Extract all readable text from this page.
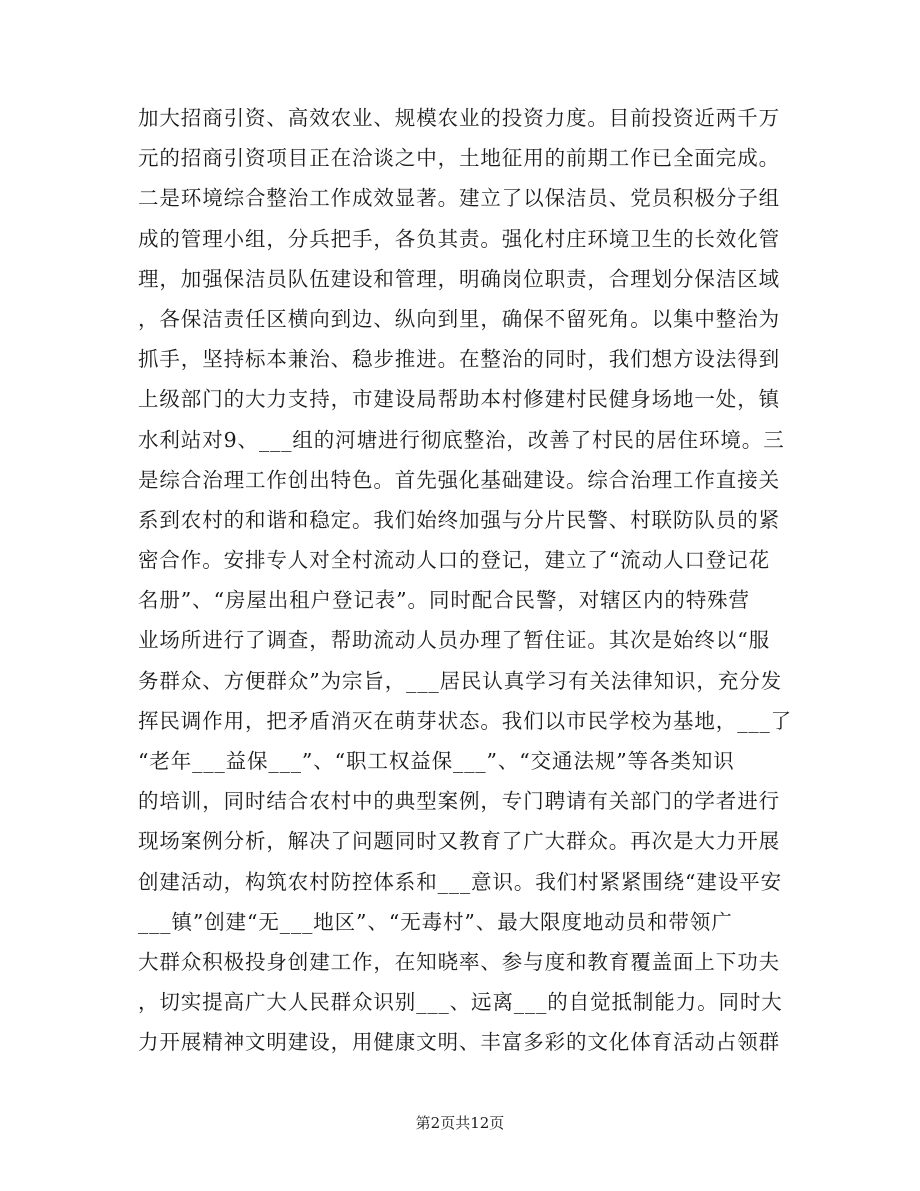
加大招商引资、高效农业、规模农业的投资力度。目前投资近两千万
元的招商引资项目正在洽谈之中，土地征用的前期工作已全面完成。
二是环境综合整治工作成效显著。建立了以保洁员、党员积极分子组
成的管理小组，分兵把手，各负其责。强化村庄环境卫生的长效化管
理，加强保洁员队伍建设和管理，明确岗位职责，合理划分保洁区域
，各保洁责任区横向到边、纵向到里，确保不留死角。以集中整治为
抓手，坚持标本兼治、稳步推进。在整治的同时，我们想方设法得到
上级部门的大力支持，市建设局帮助本村修建村民健身场地一处，镇
水利站对9、___组的河塘进行彻底整治，改善了村民的居住环境。三
是综合治理工作创出特色。首先强化基础建设。综合治理工作直接关
系到农村的和谐和稳定。我们始终加强与分片民警、村联防队员的紧
密合作。安排专人对全村流动人口的登记，建立了“流动人口登记花
名册”、“房屋出租户登记表”。同时配合民警，对辖区内的特殊营
业场所进行了调查，帮助流动人员办理了暂住证。其次是始终以“服
务群众、方便群众”为宗旨，___居民认真学习有关法律知识，充分发
挥民调作用，把矛盾消灭在萌芽状态。我们以市民学校为基地，___了
“老年___益保___”、“职工权益保___”、“交通法规”等各类知识
的培训，同时结合农村中的典型案例，专门聘请有关部门的学者进行
现场案例分析，解决了问题同时又教育了广大群众。再次是大力开展
创建活动，构筑农村防控体系和___意识。我们村紧紧围绕“建设平安
___镇”创建“无___地区”、“无毒村”、最大限度地动员和带领广
大群众积极投身创建工作，在知晓率、参与度和教育覆盖面上下功夫
，切实提高广大人民群众识别___、远离___的自觉抵制能力。同时大
力开展精神文明建设，用健康文明、丰富多彩的文化体育活动占领群
第2页共12页
